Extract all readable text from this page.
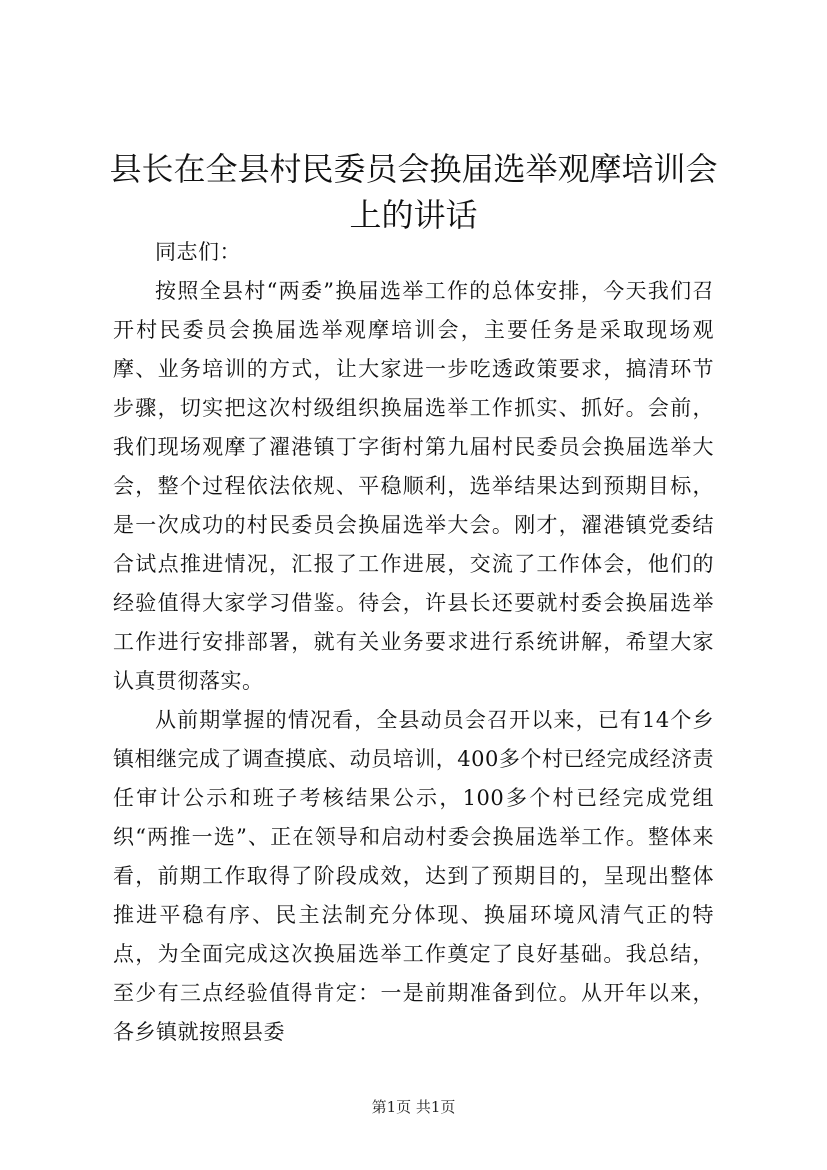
县长在全县村民委员会换届选举观摩培训会上的讲话

同志们：

按照全县村“两委”换届选举工作的总体安排，今天我们召开村民委员会换届选举观摩培训会，主要任务是采取现场观摩、业务培训的方式，让大家进一步吃透政策要求，搞清环节步骤，切实把这次村级组织换届选举工作抓实、抓好。会前，我们现场观摩了濯港镇丁字街村第九届村民委员会换届选举大会，整个过程依法依规、平稳顺利，选举结果达到预期目标，是一次成功的村民委员会换届选举大会。刚才，濯港镇党委结合试点推进情况，汇报了工作进展，交流了工作体会，他们的经验值得大家学习借鉴。待会，许县长还要就村委会换届选举工作进行安排部署，就有关业务要求进行系统讲解，希望大家认真贯彻落实。

从前期掌握的情况看，全县动员会召开以来，已有14个乡镇相继完成了调查摸底、动员培训，400多个村已经完成经济责任审计公示和班子考核结果公示，100多个村已经完成党组织“两推一选”、正在领导和启动村委会换届选举工作。整体来看，前期工作取得了阶段成效，达到了预期目的，呈现出整体推进平稳有序、民主法制充分体现、换届环境风清气正的特点，为全面完成这次换届选举工作奠定了良好基础。我总结，至少有三点经验值得肯定：一是前期准备到位。从开年以来，各乡镇就按照县委

第1页 共1页
